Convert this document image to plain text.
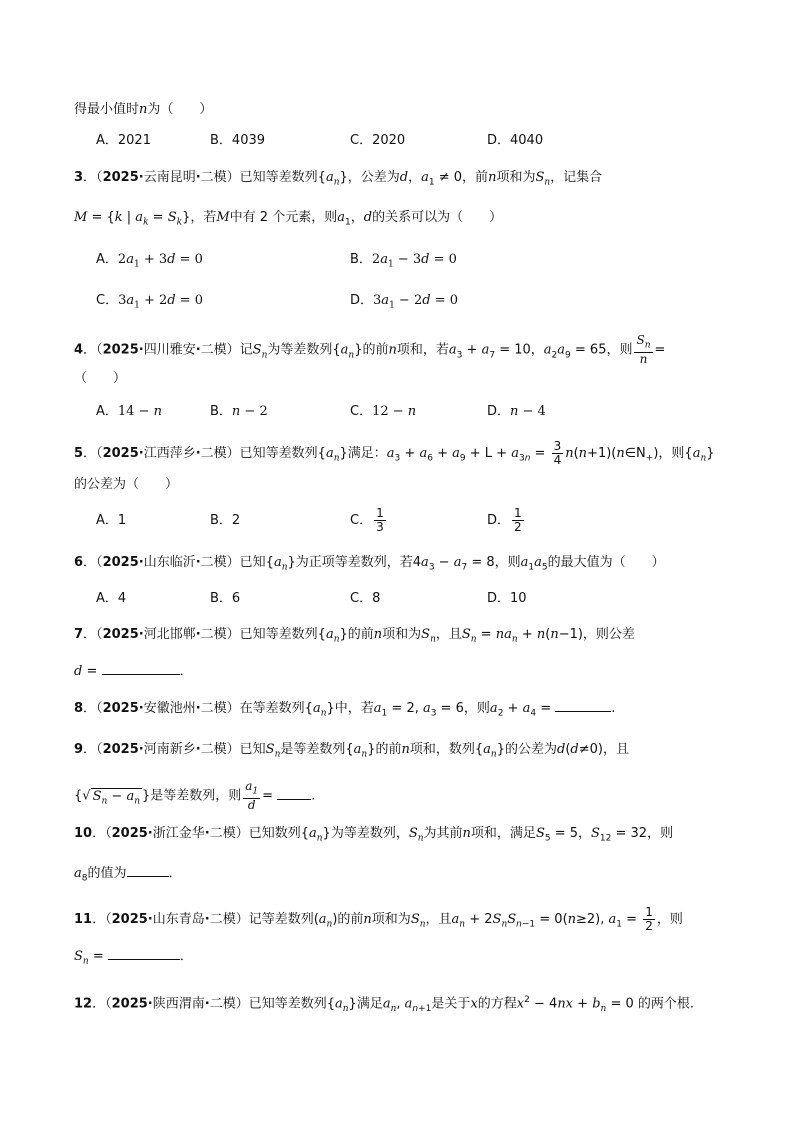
得最小值时n为（　　）
A．2021	B．4039	C．2020	D．4040
3．（2025·云南昆明·二模）已知等差数列$\{a_n\}$，公差为d，$a_1 \ne 0$，前n项和为$S_n$，记集合
M = {k | $a_k = S_k$}，若M中有 2 个元素，则$a_1$，d的关系可以为（　　）
A．$2a_1 + 3d = 0$	B．$2a_1 - 3d = 0$
C．$3a_1 + 2d = 0$	D．$3a_1 - 2d = 0$
4．（2025·四川雅安·二模）记$S_n$为等差数列$\{a_n\}$的前n项和，若$a_3 + a_7 = 10$，$a_2a_9 = 65$，则 $\frac{S_n}{n}$ =
（　　）
A．14 − n	B．n − 2	C．12 − n	D．n − 4
5．（2025·江西萍乡·二模）已知等差数列$\{a_n\}$满足：$a_3 + a_6 + a_9 + L + a_{3n} = \frac{3}{4}$ $n(n+1)(n\in N_+)$，则$\{a_n\}$
的公差为（　　）
A．1	B．2	C． $\frac{1}{3}$	D． $\frac{1}{2}$
6．（2025·山东临沂·二模）已知$\{a_n\}$为正项等差数列，若$4a_3 - a_7 = 8$，则$a_1a_5$的最大值为（　　）
A．4	B．6	C．8	D．10
7．（2025·河北邯郸·二模）已知等差数列$\{a_n\}$的前n项和为$S_n$，且$S_n = na_n + n(n-1)$，则公差
d =	．
8．（2025·安徽池州·二模）在等差数列$\{a_n\}$中，若$a_1 = 2$, $a_3 = 6$，则$a_2 + a_4$ =	.
9．（2025·河南新乡·二模）已知$S_n$是等差数列$\{a_n\}$的前n项和，数列$\{a_n\}$的公差为d(d≠0)，且
{√ $S_n - a_n$ }是等差数列，则 $\frac{a_1}{d}$ =	.
10．（2025·浙江金华·二模）已知数列$\{a_n\}$为等差数列，$S_n$为其前n项和，满足$S_5 = 5$，$S_{12} = 32$，则
$a_8$的值为	．
11．（2025·山东青岛·二模）记等差数列$(a_n)$的前n项和为$S_n$，且$a_n + 2S_nS_{n-1} = 0(n\ge 2)$, $a_1 = \frac{1}{2}$ ，则
$S_n$ =	．
12．（2025·陕西渭南·二模）已知等差数列$\{a_n\}$满足$a_n$, $a_{n+1}$是关于x的方程$x^2 - 4nx + b_n = 0$ 的两个根.
